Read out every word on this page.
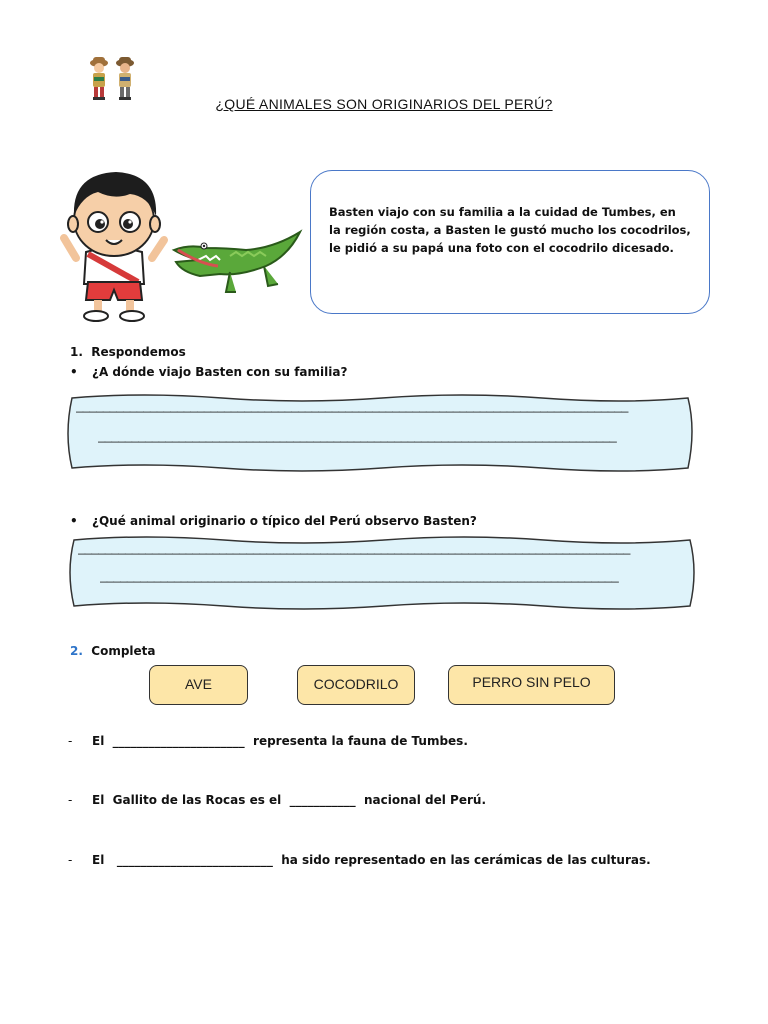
¿QUÉ ANIMALES SON ORIGINARIOS DEL PERÚ?
Basten viajo con su familia a la cuidad de Tumbes, en la región costa, a Basten le gustó mucho los cocodrilos, le pidió a su papá una foto con el cocodrilo dicesado.
1. Respondemos
• ¿A dónde viajo Basten con su familia?
__________________________________________________________________________________
_____________________________________________________________________________
• ¿Qué animal originario o típico del Perú observo Basten?
__________________________________________________________________________________
_____________________________________________________________________________
2. Completa
AVE	COCODRILO	PERRO SIN PELO
- El  ______________________  representa la fauna de Tumbes.
- El  Gallito de las Rocas es el  ___________  nacional del Perú.
- El   __________________________  ha sido representado en las cerámicas de las culturas.
